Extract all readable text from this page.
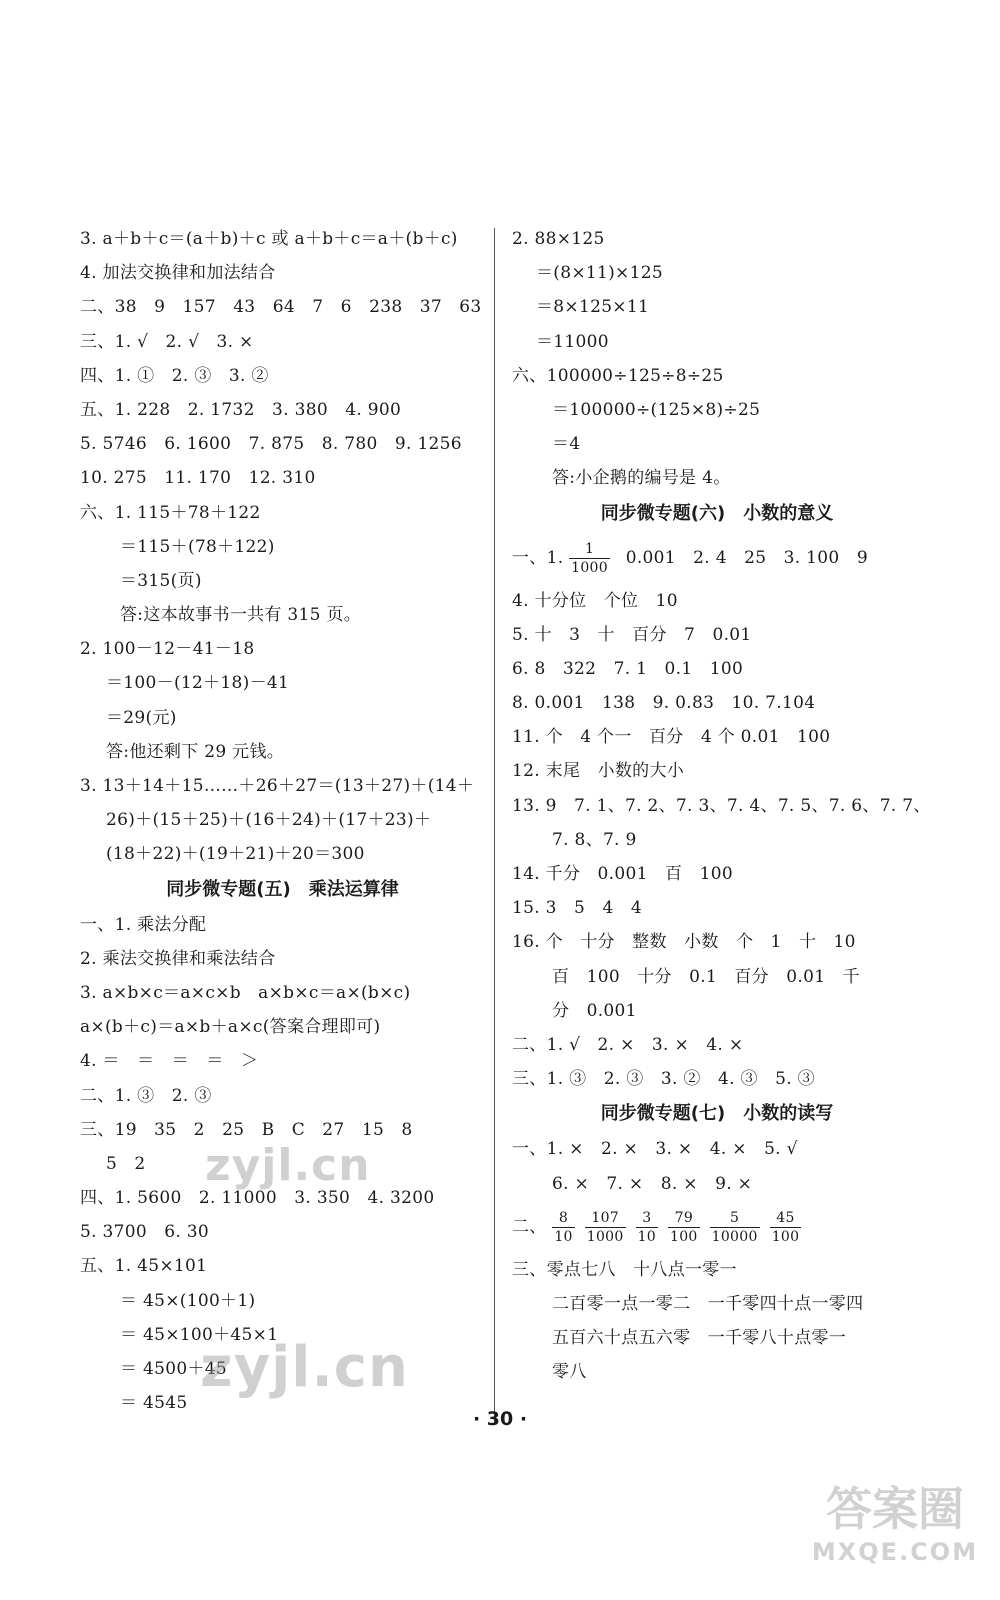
3. a＋b＋c＝(a＋b)＋c 或 a＋b＋c＝a＋(b＋c)
4. 加法交换律和加法结合
二、38　9　157　43　64　7　6　238　37　63
三、1. √　2. √　3. ×
四、1. ①　2. ③　3. ②
五、1. 228　2. 1732　3. 380　4. 900
5. 5746　6. 1600　7. 875　8. 780　9. 1256
10. 275　11. 170　12. 310
六、1. 115＋78＋122
＝115＋(78＋122)
＝315(页)
答:这本故事书一共有 315 页。
2. 100－12－41－18
＝100－(12＋18)－41
＝29(元)
答:他还剩下 29 元钱。
3. 13＋14＋15……＋26＋27＝(13＋27)＋(14＋
26)＋(15＋25)＋(16＋24)＋(17＋23)＋
(18＋22)＋(19＋21)＋20＝300
同步微专题(五)　乘法运算律
一、1. 乘法分配
2. 乘法交换律和乘法结合
3. a×b×c＝a×c×b　a×b×c＝a×(b×c)
a×(b＋c)＝a×b＋a×c(答案合理即可)
4. ＝　＝　＝　＝　＞
二、1. ③　2. ③
三、19　35　2　25　B　C　27　15　8
5　2
四、1. 5600　2. 11000　3. 350　4. 3200
5. 3700　6. 30
五、1. 45×101
＝ 45×(100＋1)
＝ 45×100＋45×1
＝ 4500＋45
＝ 4545
2. 88×125
＝(8×11)×125
＝8×125×11
＝11000
六、100000÷125÷8÷25
＝100000÷(125×8)÷25
＝4
答:小企鹅的编号是 4。
同步微专题(六)　小数的意义
一、1. $\frac{1}{1000} 0.001$　2. 4　25　3. 100　9
4. 十分位　个位　10
5. 十　3　十　百分　7　0.01
6. 8　322　7. 1　0.1　100
8. 0.001　138　9. 0.83　10. 7.104
11. 个　4 个一　百分　4 个 0.01　100
12. 末尾　小数的大小
13. 9　7. 1、7. 2、7. 3、7. 4、7. 5、7. 6、7. 7、
7. 8、7. 9
14. 千分　0.001　百　100
15. 3　5　4　4
16. 个　十分　整数　小数　个　1　十　10
百　100　十分　0.1　百分　0.01　千
分　0.001
二、1. √　2. ×　3. ×　4. ×
三、1. ③　2. ③　3. ②　4. ③　5. ③
同步微专题(七)　小数的读写
一、1. ×　2. ×　3. ×　4. ×　5. √
6. ×　7. ×　8. ×　9. ×
二、 $\frac{8}{10} \frac{107}{1000} \frac{3}{10} \frac{79}{100} \frac{5}{10000} \frac{45}{100}$
三、零点七八　十八点一零一
二百零一点一零二　一千零四十点一零四
五百六十点五六零　一千零八十点零一
零八
· 30 ·
zyjl.cn
zyjl.cn
答案圈
MXQE.COM
